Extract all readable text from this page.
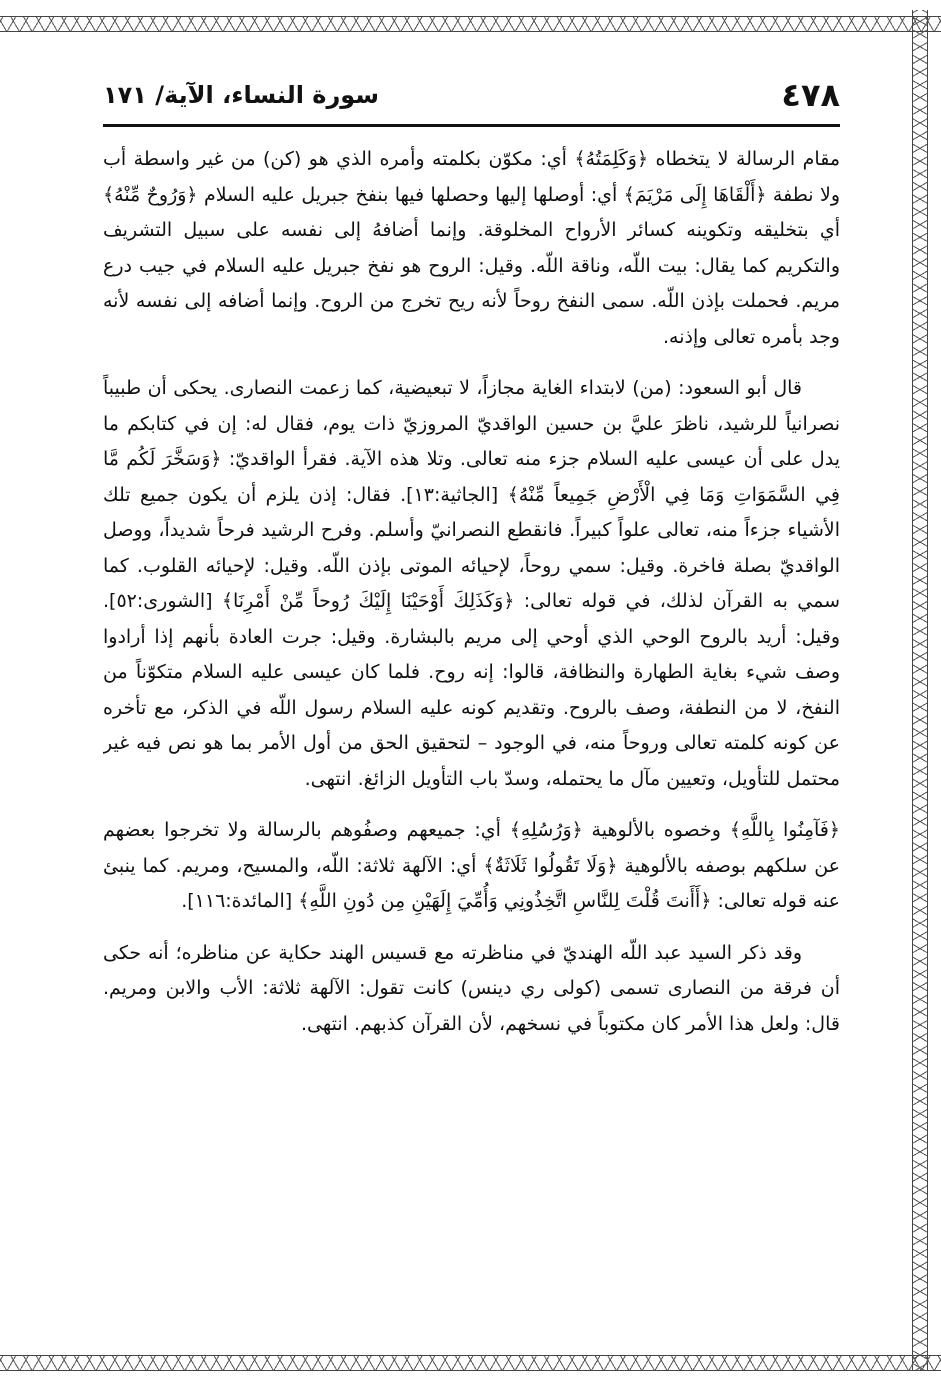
٤٧٨
سورة النساء، الآية/ ١٧١

مقام الرسالة لا يتخطاه ﴿وَكَلِمَتُهُ﴾ أي: مكوّن بكلمته وأمره الذي هو (كن) من غير واسطة أب ولا نطفة ﴿أَلْقَاهَا إِلَى مَرْيَمَ﴾ أي: أوصلها إليها وحصلها فيها بنفخ جبريل عليه السلام ﴿وَرُوحٌ مِّنْهُ﴾ أي بتخليقه وتكوينه كسائر الأرواح المخلوقة. وإنما أضافهُ إلى نفسه على سبيل التشريف والتكريم كما يقال: بيت اللّه، وناقة اللّه. وقيل: الروح هو نفخ جبريل عليه السلام في جيب درع مريم. فحملت بإذن اللّه. سمى النفخ روحاً لأنه ريح تخرج من الروح. وإنما أضافه إلى نفسه لأنه وجد بأمره تعالى وإذنه.

قال أبو السعود: (من) لابتداء الغاية مجازاً، لا تبعيضية، كما زعمت النصارى. يحكى أن طبيباً نصرانياً للرشيد، ناظرَ عليَّ بن حسين الواقديّ المروزيّ ذات يوم، فقال له: إن في كتابكم ما يدل على أن عيسى عليه السلام جزء منه تعالى. وتلا هذه الآية. فقرأ الواقديّ: ﴿وَسَخَّرَ لَكُم مَّا فِي السَّمَوَاتِ وَمَا فِي الْأَرْضِ جَمِيعاً مِّنْهُ﴾ [الجاثية:١٣]. فقال: إذن يلزم أن يكون جميع تلك الأشياء جزءاً منه، تعالى علواً كبيراً. فانقطع النصرانيّ وأسلم. وفرح الرشيد فرحاً شديداً، ووصل الواقديّ بصلة فاخرة. وقيل: سمي روحاً، لإحيائه الموتى بإذن اللّه. وقيل: لإحيائه القلوب. كما سمي به القرآن لذلك، في قوله تعالى: ﴿وَكَذَلِكَ أَوْحَيْنَا إِلَيْكَ رُوحاً مِّنْ أَمْرِنَا﴾ [الشورى:٥٢]. وقيل: أريد بالروح الوحي الذي أوحي إلى مريم بالبشارة. وقيل: جرت العادة بأنهم إذا أرادوا وصف شيء بغاية الطهارة والنظافة، قالوا: إنه روح. فلما كان عيسى عليه السلام متكوّناً من النفخ، لا من النطفة، وصف بالروح. وتقديم كونه عليه السلام رسول اللّه في الذكر، مع تأخره عن كونه كلمته تعالى وروحاً منه، في الوجود – لتحقيق الحق من أول الأمر بما هو نص فيه غير محتمل للتأويل، وتعيين مآل ما يحتمله، وسدّ باب التأويل الزائغ. انتهى.

﴿فَآمِنُوا بِاللَّهِ﴾ وخصوه بالألوهية ﴿وَرُسُلِهِ﴾ أي: جميعهم وصفُوهم بالرسالة ولا تخرجوا بعضهم عن سلكهم بوصفه بالألوهية ﴿وَلَا تَقُولُوا ثَلَاثَةٌ﴾ أي: الآلهة ثلاثة: اللّه، والمسيح، ومريم. كما ينبئ عنه قوله تعالى: ﴿أَأَنتَ قُلْتَ لِلنَّاسِ اتَّخِذُونِي وَأُمِّيَ إِلَهَيْنِ مِن دُونِ اللَّهِ﴾ [المائدة:١١٦].

وقد ذكر السيد عبد اللّه الهنديّ في مناظرته مع قسيس الهند حكاية عن مناظره؛ أنه حكى أن فرقة من النصارى تسمى (كولى ري دينس) كانت تقول: الآلهة ثلاثة: الأب والابن ومريم. قال: ولعل هذا الأمر كان مكتوباً في نسخهم، لأن القرآن كذبهم. انتهى.
